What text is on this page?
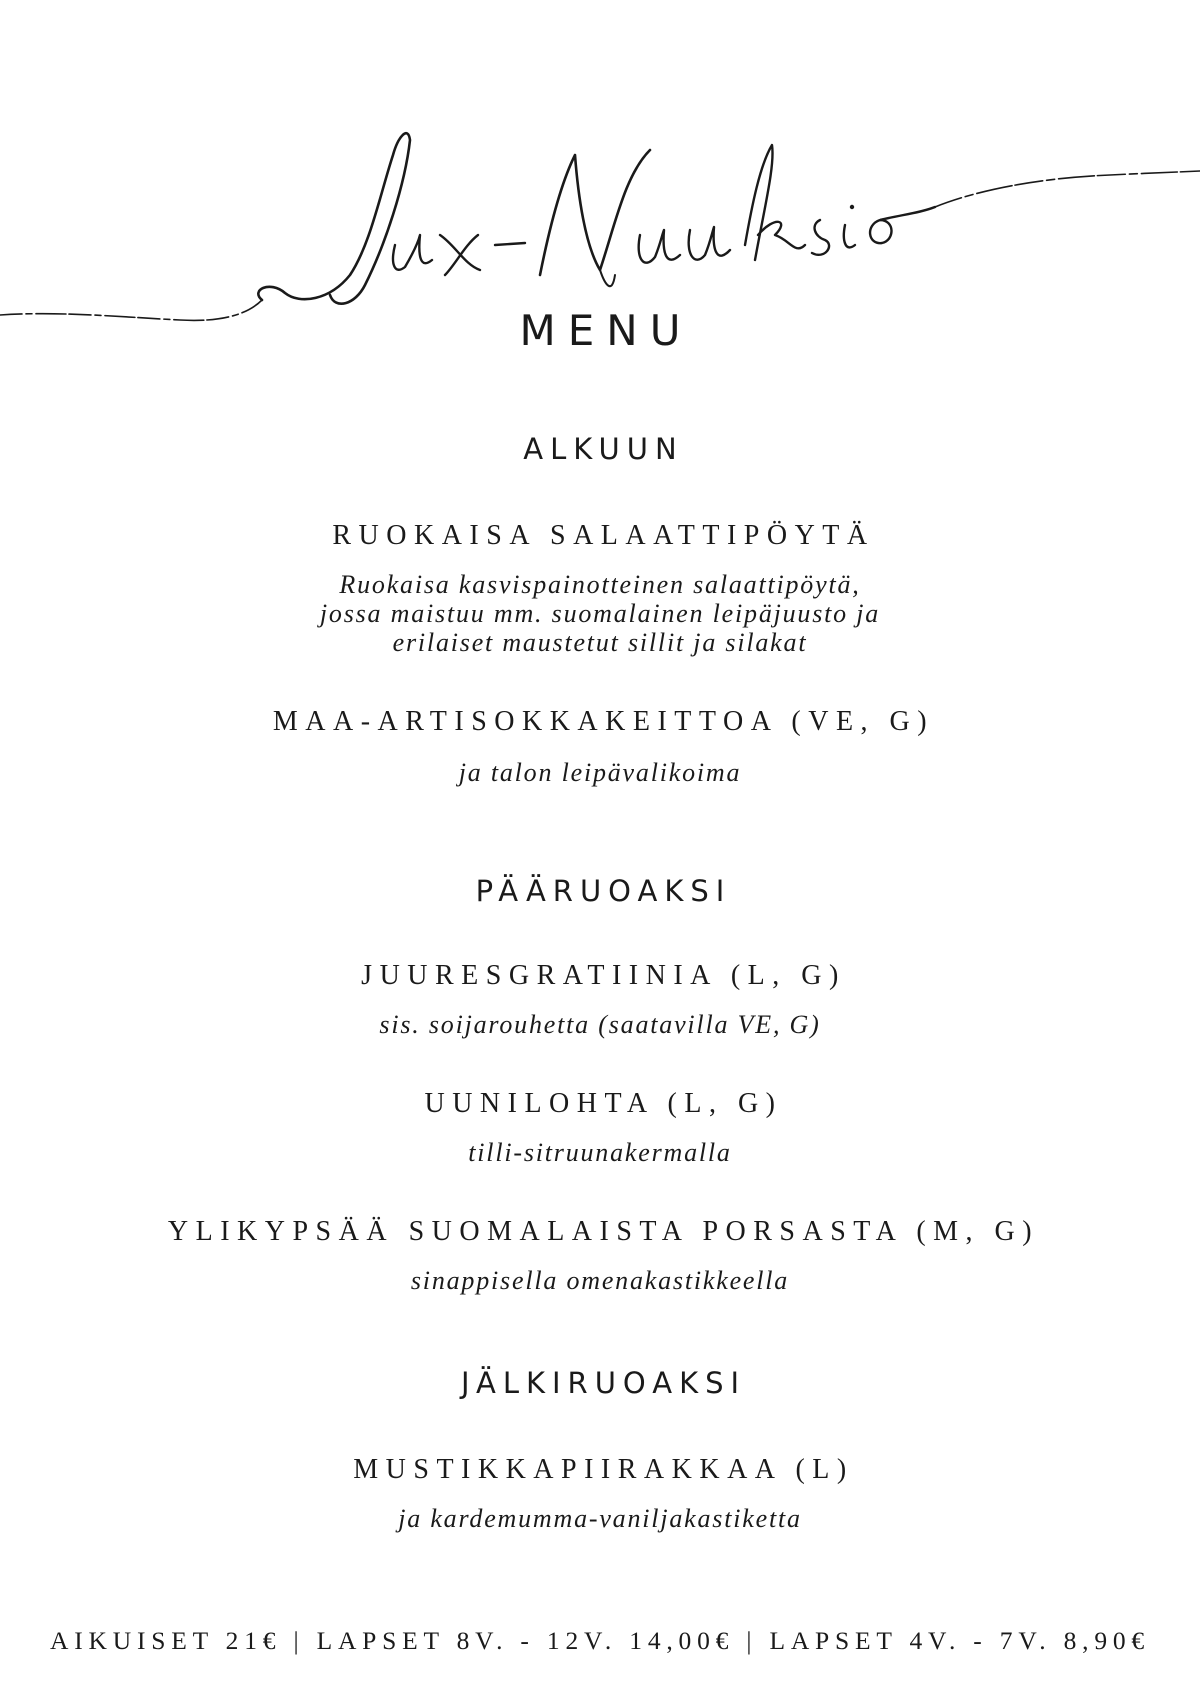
MENU
ALKUUN
RUOKAISA SALAATTIPÖYTÄ
Ruokaisa kasvispainotteinen salaattipöytä,
jossa maistuu mm. suomalainen leipäjuusto ja
erilaiset maustetut sillit ja silakat
MAA-ARTISOKKAKEITTOA (VE, G)
ja talon leipävalikoima
PÄÄRUOAKSI
JUURESGRATIINIA (L, G)
sis. soijarouhetta (saatavilla VE, G)
UUNILOHTA (L, G)
tilli-sitruunakermalla
YLIKYPSÄÄ SUOMALAISTA PORSASTA (M, G)
sinappisella omenakastikkeella
JÄLKIRUOAKSI
MUSTIKKAPIIRAKKAA (L)
ja kardemumma-vaniljakastiketta
AIKUISET 21€ | LAPSET 8V. - 12V. 14,00€ | LAPSET 4V. - 7V. 8,90€
